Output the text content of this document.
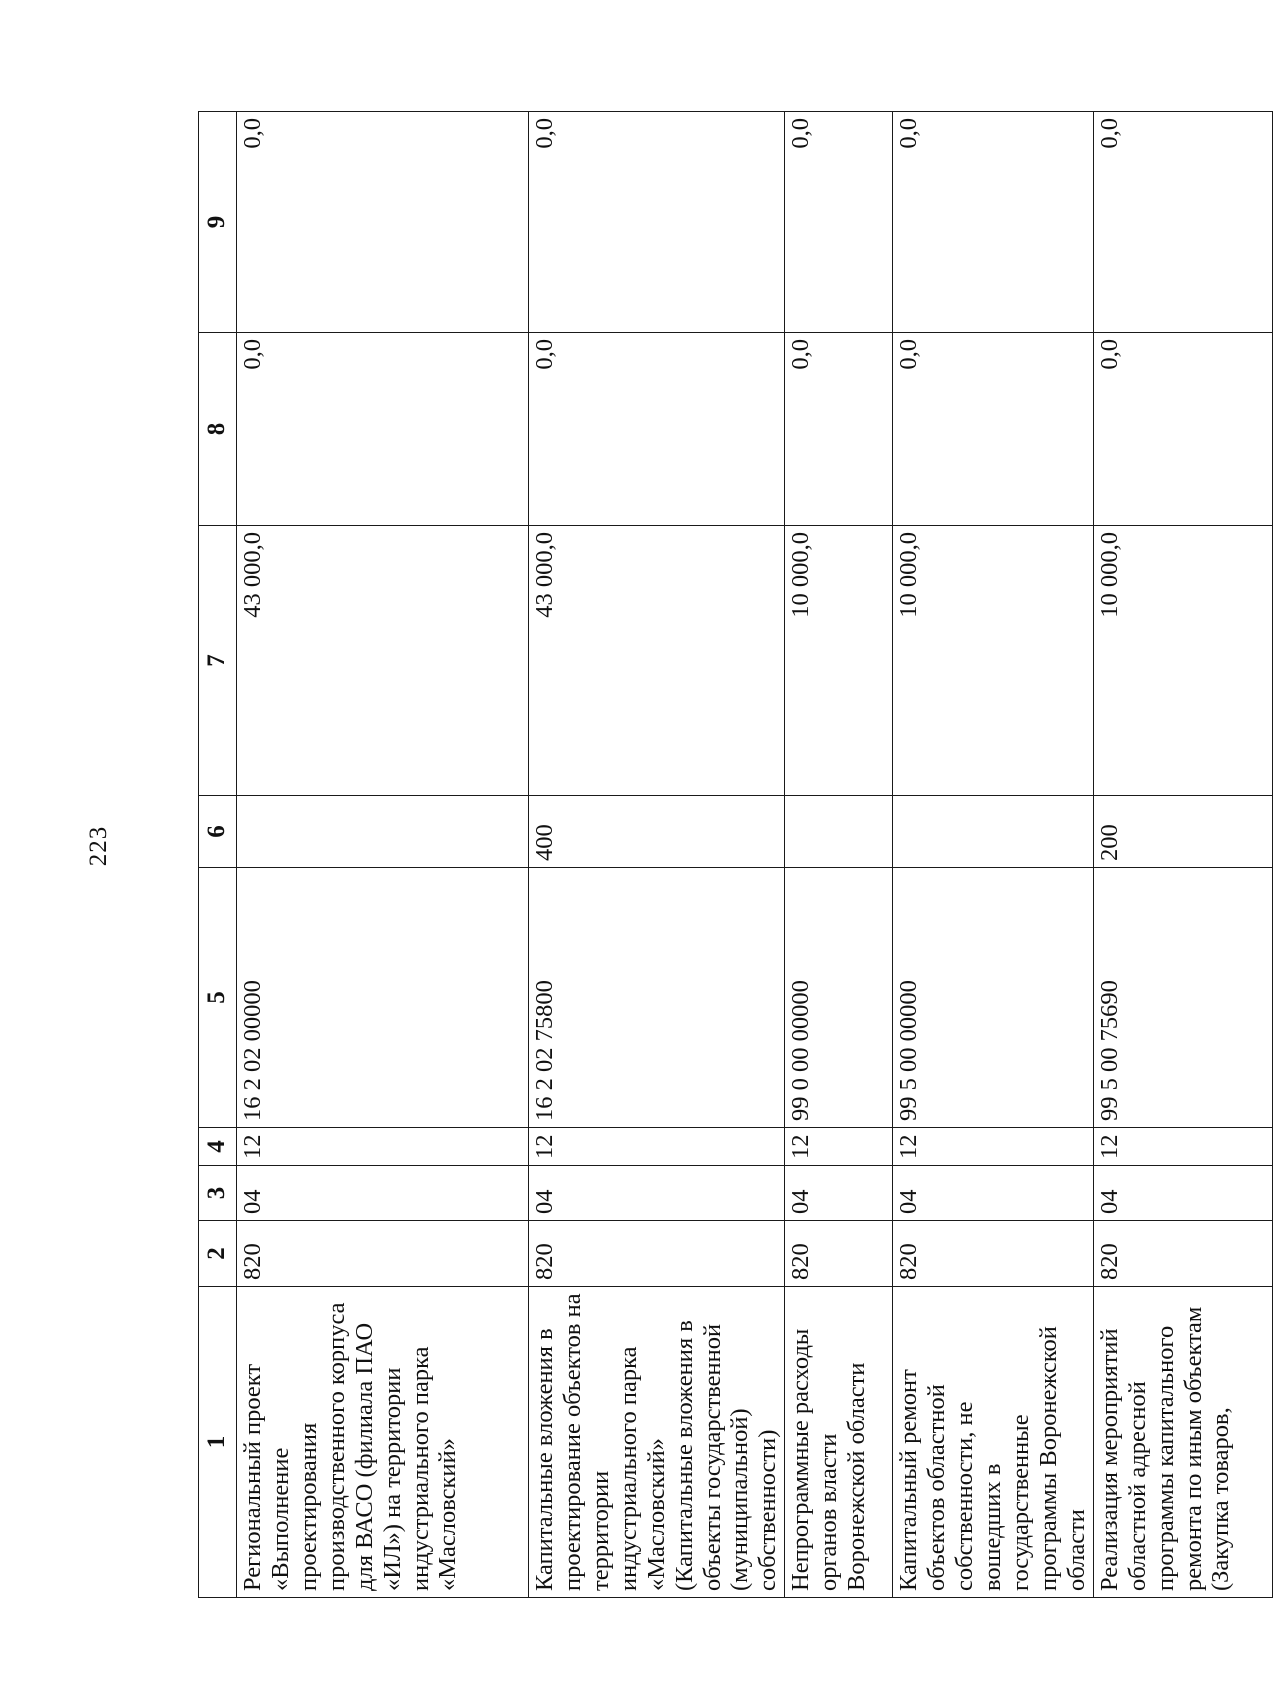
223
1	2	3	4	5	6	7	8	9
Региональный проект «Выполнение проектирования производственного корпуса для ВАСО (филиала ПАО «ИЛ») на территории индустриального парка «Масловский»	820	04	12	16 2 02 00000		43 000,0	0,0	0,0
Капитальные вложения в проектирование объектов на территории индустриального парка «Масловский» (Капитальные вложения в объекты государственной (муниципальной) собственности)	820	04	12	16 2 02 75800	400	43 000,0	0,0	0,0
Непрограммные расходы органов власти Воронежской области	820	04	12	99 0 00 00000		10 000,0	0,0	0,0
Капитальный ремонт объектов областной собственности, не вошедших в государственные программы Воронежской области	820	04	12	99 5 00 00000		10 000,0	0,0	0,0
Реализация мероприятий областной адресной программы капитального ремонта по иным объектам (Закупка товаров,	820	04	12	99 5 00 75690	200	10 000,0	0,0	0,0
